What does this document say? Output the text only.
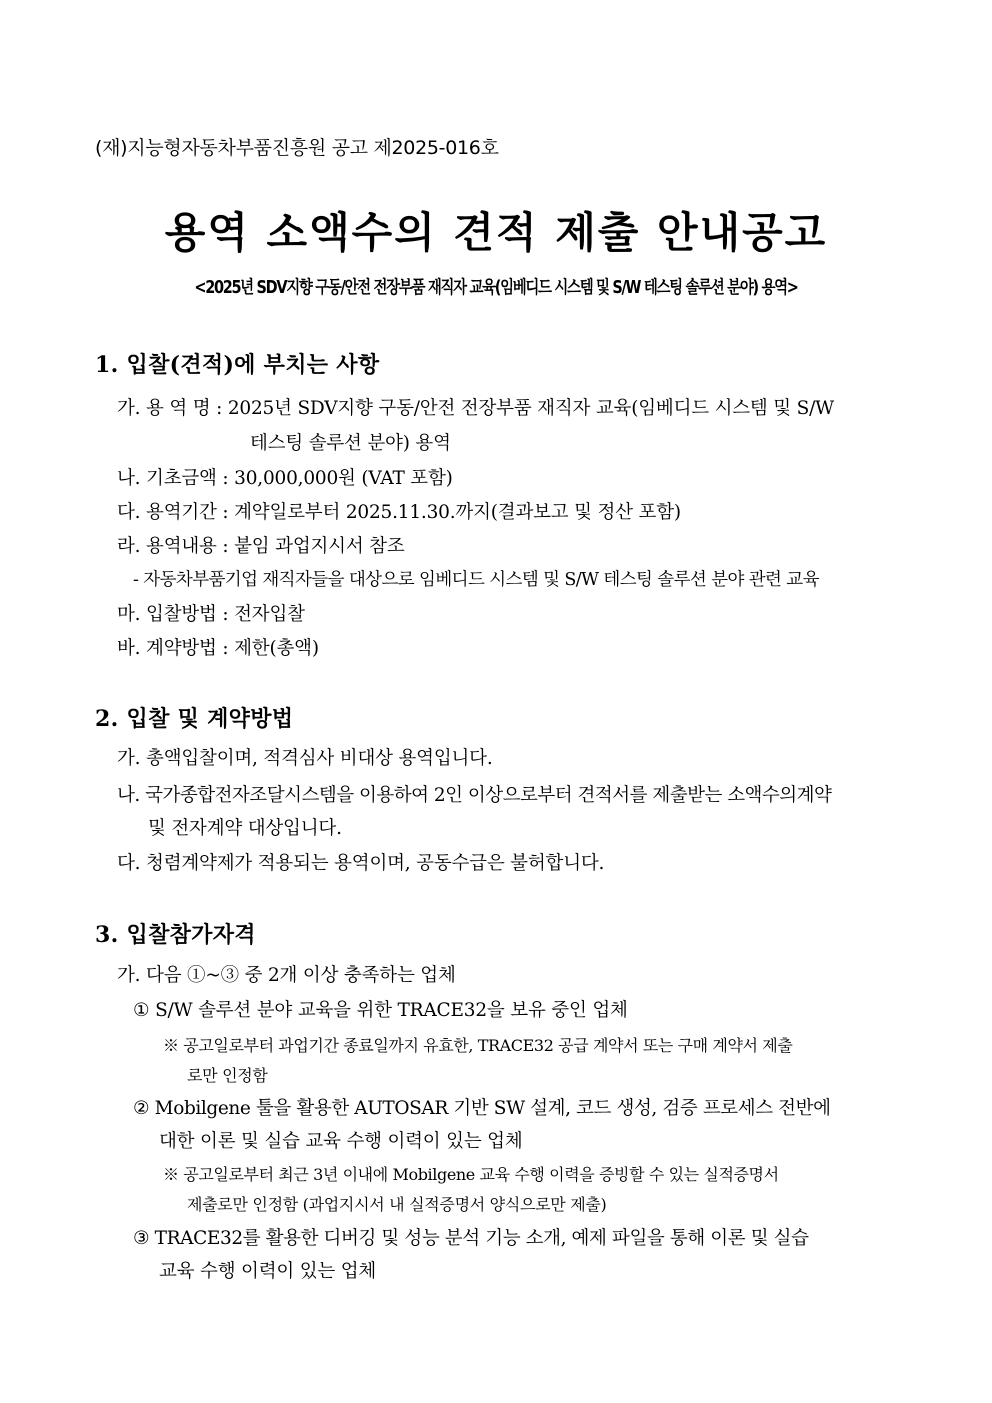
(재)지능형자동차부품진흥원 공고 제2025-016호
용역 소액수의 견적 제출 안내공고
<2025년 SDV지향 구동/안전 전장부품 재직자 교육(임베디드 시스템 및 S/W 테스팅 솔루션 분야) 용역>
1. 입찰(견적)에 부치는 사항
가. 용 역 명 : 2025년 SDV지향 구동/안전 전장부품 재직자 교육(임베디드 시스템 및 S/W
테스팅 솔루션 분야) 용역
나. 기초금액 : 30,000,000원 (VAT 포함)
다. 용역기간 : 계약일로부터 2025.11.30.까지(결과보고 및 정산 포함)
라. 용역내용 : 붙임 과업지시서 참조
- 자동차부품기업 재직자들을 대상으로 임베디드 시스템 및 S/W 테스팅 솔루션 분야 관련 교육
마. 입찰방법 : 전자입찰
바. 계약방법 : 제한(총액)
2. 입찰 및 계약방법
가. 총액입찰이며, 적격심사 비대상 용역입니다.
나. 국가종합전자조달시스템을 이용하여 2인 이상으로부터 견적서를 제출받는 소액수의계약
및 전자계약 대상입니다.
다. 청렴계약제가 적용되는 용역이며, 공동수급은 불허합니다.
3. 입찰참가자격
가. 다음 ①~③ 중 2개 이상 충족하는 업체
① S/W 솔루션 분야 교육을 위한 TRACE32을 보유 중인 업체
※ 공고일로부터 과업기간 종료일까지 유효한, TRACE32 공급 계약서 또는 구매 계약서 제출
로만 인정함
② Mobilgene 툴을 활용한 AUTOSAR 기반 SW 설계, 코드 생성, 검증 프로세스 전반에
대한 이론 및 실습 교육 수행 이력이 있는 업체
※ 공고일로부터 최근 3년 이내에 Mobilgene 교육 수행 이력을 증빙할 수 있는 실적증명서
제출로만 인정함 (과업지시서 내 실적증명서 양식으로만 제출)
③ TRACE32를 활용한 디버깅 및 성능 분석 기능 소개, 예제 파일을 통해 이론 및 실습
교육 수행 이력이 있는 업체
